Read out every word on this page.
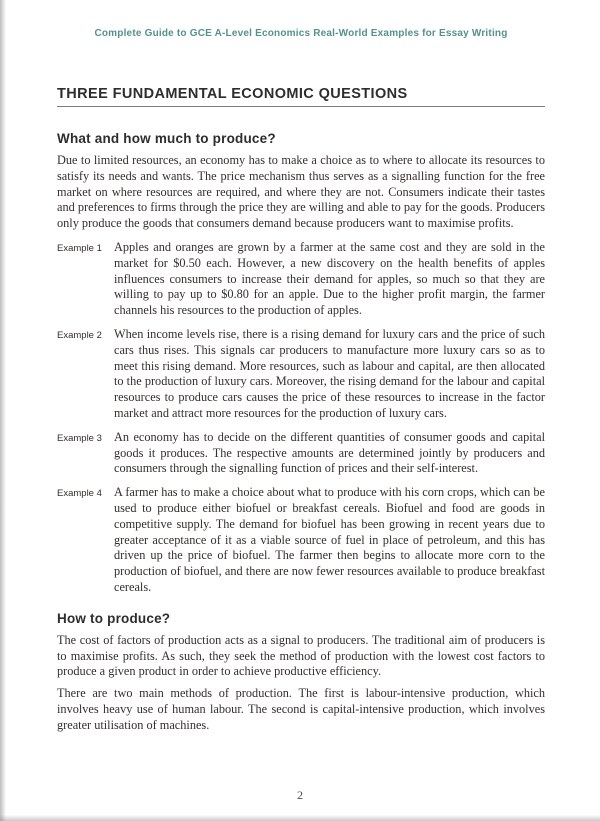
Complete Guide to GCE A-Level Economics Real-World Examples for Essay Writing
THREE FUNDAMENTAL ECONOMIC QUESTIONS
What and how much to produce?

Due to limited resources, an economy has to make a choice as to where to allocate its resources to satisfy its needs and wants. The price mechanism thus serves as a signalling function for the free market on where resources are required, and where they are not. Consumers indicate their tastes and preferences to firms through the price they are willing and able to pay for the goods. Producers only produce the goods that consumers demand because producers want to maximise profits.

Example 1 Apples and oranges are grown by a farmer at the same cost and they are sold in the market for $0.50 each. However, a new discovery on the health benefits of apples influences consumers to increase their demand for apples, so much so that they are willing to pay up to $0.80 for an apple. Due to the higher profit margin, the farmer channels his resources to the production of apples.
Example 2 When income levels rise, there is a rising demand for luxury cars and the price of such cars thus rises. This signals car producers to manufacture more luxury cars so as to meet this rising demand. More resources, such as labour and capital, are then allocated to the production of luxury cars. Moreover, the rising demand for the labour and capital resources to produce cars causes the price of these resources to increase in the factor market and attract more resources for the production of luxury cars.
Example 3 An economy has to decide on the different quantities of consumer goods and capital goods it produces. The respective amounts are determined jointly by producers and consumers through the signalling function of prices and their self-interest.
Example 4 A farmer has to make a choice about what to produce with his corn crops, which can be used to produce either biofuel or breakfast cereals. Biofuel and food are goods in competitive supply. The demand for biofuel has been growing in recent years due to greater acceptance of it as a viable source of fuel in place of petroleum, and this has driven up the price of biofuel. The farmer then begins to allocate more corn to the production of biofuel, and there are now fewer resources available to produce breakfast cereals.
How to produce?

The cost of factors of production acts as a signal to producers. The traditional aim of producers is to maximise profits. As such, they seek the method of production with the lowest cost factors to produce a given product in order to achieve productive efficiency.

There are two main methods of production. The first is labour-intensive production, which involves heavy use of human labour. The second is capital-intensive production, which involves greater utilisation of machines.

2
